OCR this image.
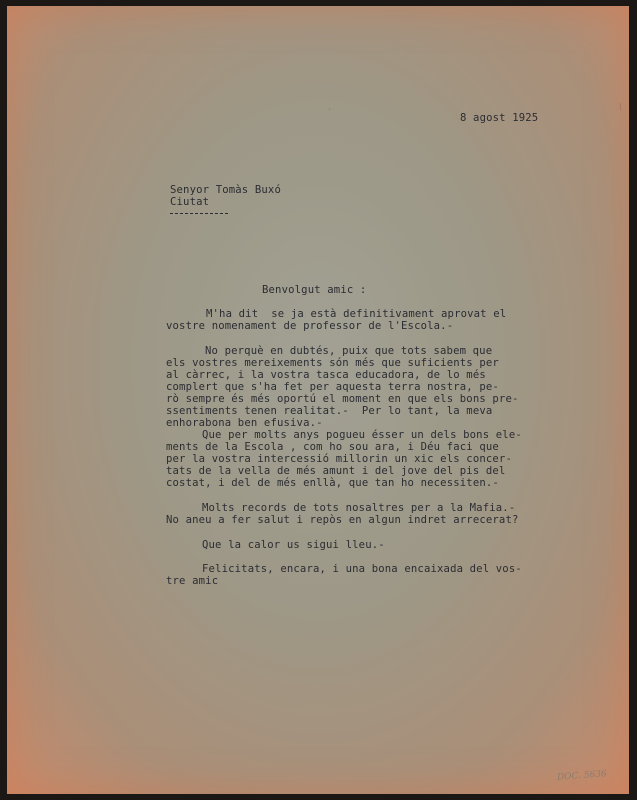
′	⁞
8 agost 1925
Senyor Tomàs Buxó
Ciutat
Benvolgut amic :
M'ha dit  se ja està definitivament aprovat el
vostre nomenament de professor de l'Escola.-
No perquè en dubtés, puix que tots sabem que
els vostres mereixements són més que suficients per
al càrrec, i la vostra tasca educadora, de lo més
complert que s'ha fet per aquesta terra nostra, pe-
rò sempre és més oportú el moment en que els bons pre-
ssentiments tenen realitat.-  Per lo tant, la meva
enhorabona ben efusiva.-
Que per molts anys pogueu ésser un dels bons ele-
ments de la Escola , com ho sou ara, i Déu faci que
per la vostra intercessió millorin un xic els concer-
tats de la vella de més amunt i del jove del pis del
costat, i del de més enllà, que tan ho necessiten.-
Molts records de tots nosaltres per a la Mafia.-
No aneu a fer salut i repòs en algun indret arrecerat?
Que la calor us sigui lleu.-
Felicitats, encara, i una bona encaixada del vos-
tre amic
DOC. 5636
